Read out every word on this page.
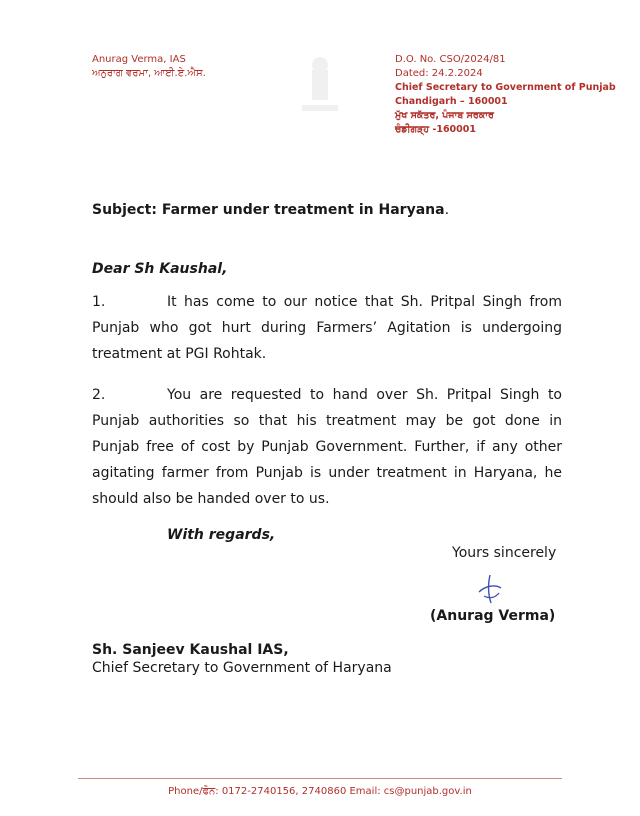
Anurag Verma, IAS
ਅਨੁਰਾਗ ਵਰਮਾ, ਆਈ.ਏ.ਐਸ.
D.O. No. CSO/2024/81
Dated: 24.2.2024
Chief Secretary to Government of Punjab
Chandigarh – 160001
ਮੁੱਖ ਸਕੱਤਰ, ਪੰਜਾਬ ਸਰਕਾਰ
ਚੰਡੀਗੜ੍ਹ -160001
Subject: Farmer under treatment in Haryana.
Dear Sh Kaushal,
1.	It has come to our notice that Sh. Pritpal Singh from Punjab who got hurt during Farmers’ Agitation is undergoing treatment at PGI Rohtak.
2.	You are requested to hand over Sh. Pritpal Singh to Punjab authorities so that his treatment may be got done in Punjab free of cost by Punjab Government. Further, if any other agitating farmer from Punjab is under treatment in Haryana, he should also be handed over to us.
With regards,
Yours sincerely
(Anurag Verma)
Sh. Sanjeev Kaushal IAS,
Chief Secretary to Government of Haryana
Phone/ਫੋਨ: 0172-2740156, 2740860 Email: cs@punjab.gov.in
